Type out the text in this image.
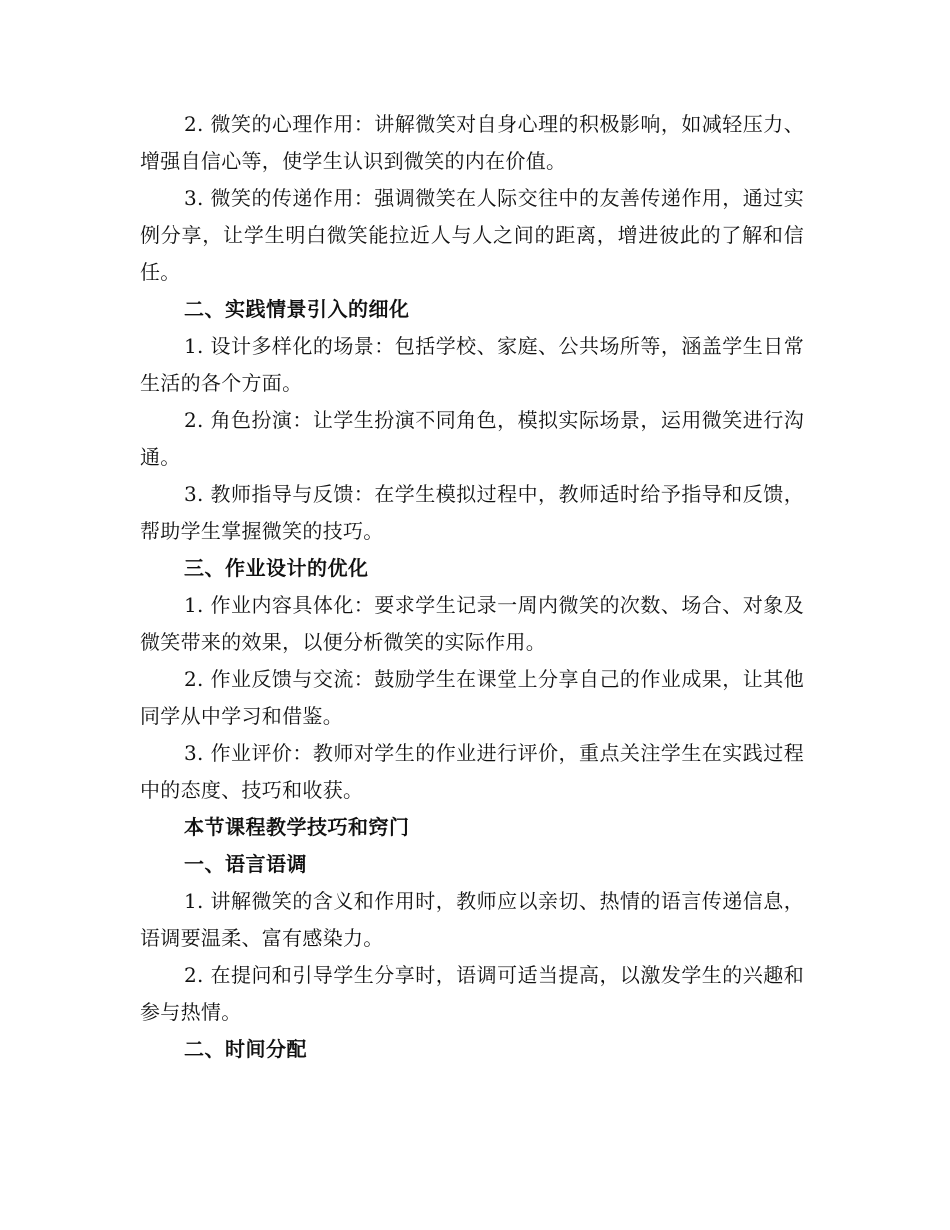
2. 微笑的心理作用：讲解微笑对自身心理的积极影响，如减轻压力、增强自信心等，使学生认识到微笑的内在价值。

3. 微笑的传递作用：强调微笑在人际交往中的友善传递作用，通过实例分享，让学生明白微笑能拉近人与人之间的距离，增进彼此的了解和信任。

二、实践情景引入的细化

1. 设计多样化的场景：包括学校、家庭、公共场所等，涵盖学生日常生活的各个方面。

2. 角色扮演：让学生扮演不同角色，模拟实际场景，运用微笑进行沟通。

3. 教师指导与反馈：在学生模拟过程中，教师适时给予指导和反馈，帮助学生掌握微笑的技巧。

三、作业设计的优化

1. 作业内容具体化：要求学生记录一周内微笑的次数、场合、对象及微笑带来的效果，以便分析微笑的实际作用。

2. 作业反馈与交流：鼓励学生在课堂上分享自己的作业成果，让其他同学从中学习和借鉴。

3. 作业评价：教师对学生的作业进行评价，重点关注学生在实践过程中的态度、技巧和收获。

本节课程教学技巧和窍门

一、语言语调

1. 讲解微笑的含义和作用时，教师应以亲切、热情的语言传递信息，语调要温柔、富有感染力。

2. 在提问和引导学生分享时，语调可适当提高，以激发学生的兴趣和参与热情。

二、时间分配
